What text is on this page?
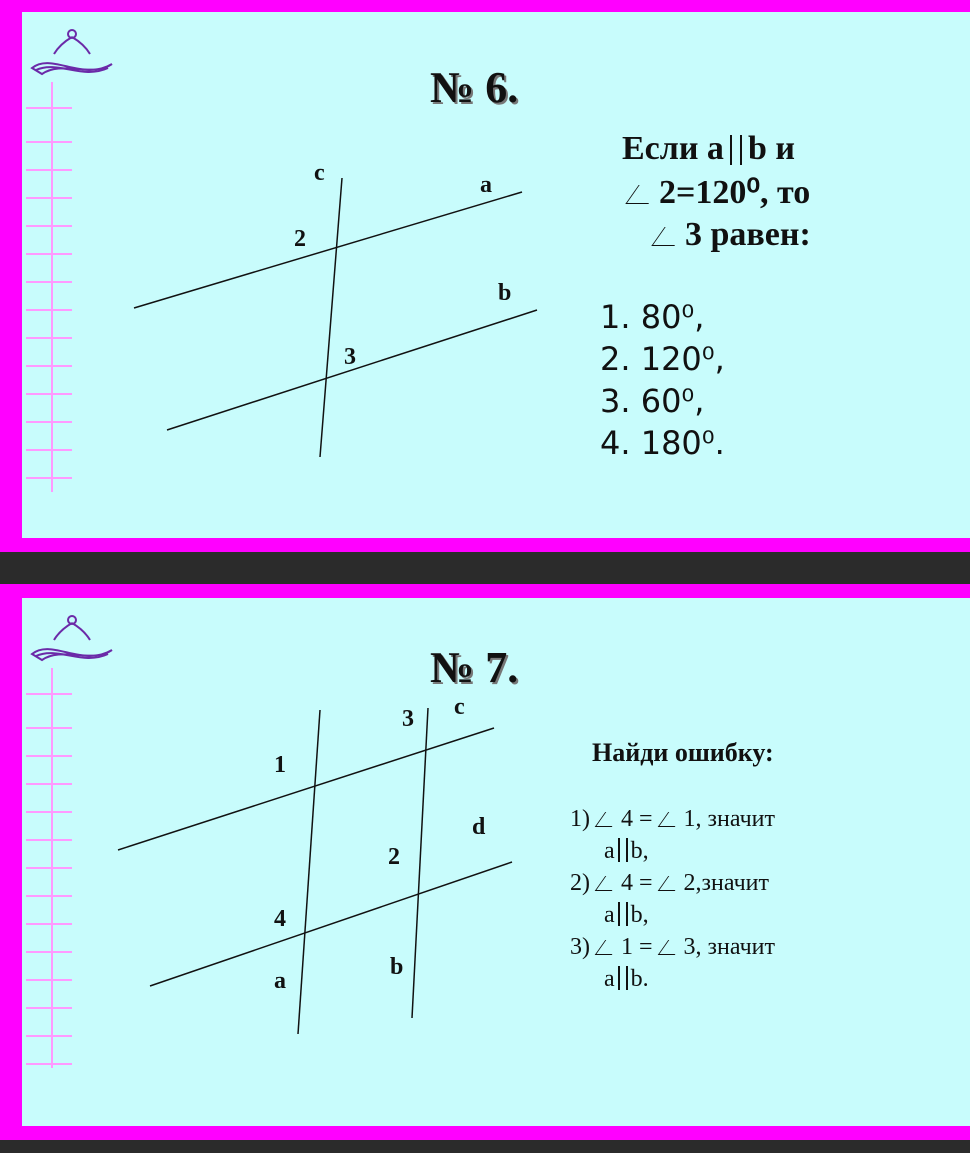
c	a
2
b
3
№ 6.
Если a b и
2=120⁰, то
3 равен:
1. 80⁰,
2. 120⁰,
3. 60⁰,
4. 180⁰.
3 c
1
d
2
4
a
b
№ 7.
Найди ошибку:
1) 4 = 1, значит
a b,
2) 4 = 2,значит
a b,
3) 1 = 3, значит
a b.
